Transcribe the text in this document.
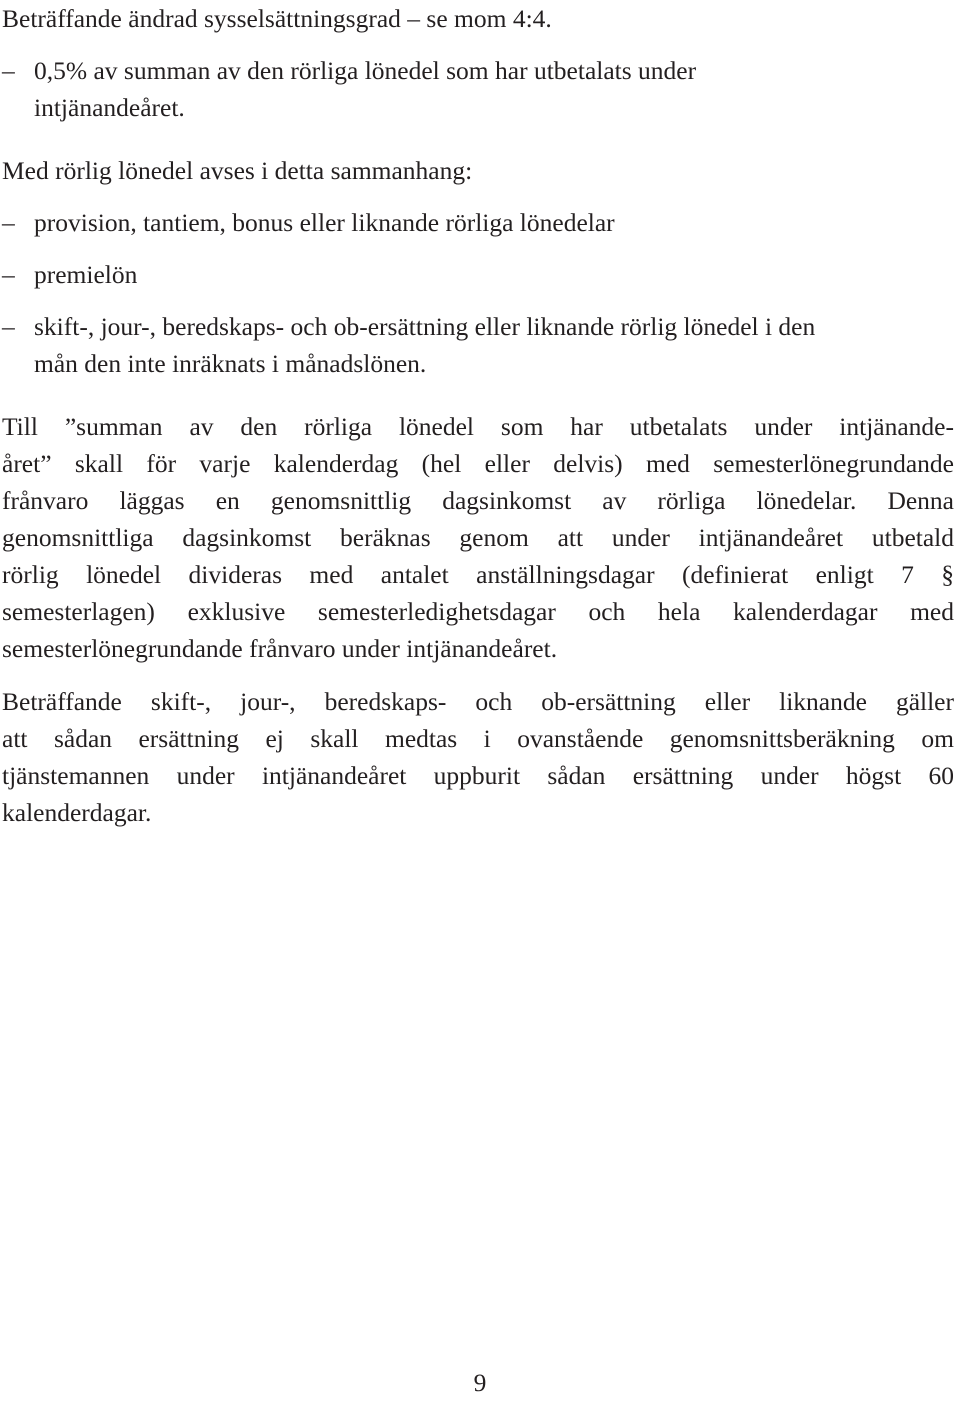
Beträffande ändrad sysselsättningsgrad – se mom 4:4.
– 0,5% av summan av den rörliga lönedel som har utbetalats under
intjänandeåret.
Med rörlig lönedel avses i detta sammanhang:
– provision, tantiem, bonus eller liknande rörliga lönedelar
– premielön
– skift-, jour-, beredskaps- och ob-ersättning eller liknande rörlig lönedel i den
mån den inte inräknats i månadslönen.
Till ”summan av den rörliga lönedel som har utbetalats under intjänande-
året” skall för varje kalenderdag (hel eller delvis) med semesterlönegrundande
frånvaro läggas en genomsnittlig dagsinkomst av rörliga lönedelar. Denna
genomsnittliga dagsinkomst beräknas genom att under intjänandeåret utbetald
rörlig lönedel divideras med antalet anställningsdagar (definierat enligt 7 §
semesterlagen) exklusive semesterledighetsdagar och hela kalenderdagar med
semesterlönegrundande frånvaro under intjänandeåret.
Beträffande skift-, jour-, beredskaps- och ob-ersättning eller liknande gäller
att sådan ersättning ej skall medtas i ovanstående genomsnittsberäkning om
tjänstemannen under intjänandeåret uppburit sådan ersättning under högst 60
kalenderdagar.
9
